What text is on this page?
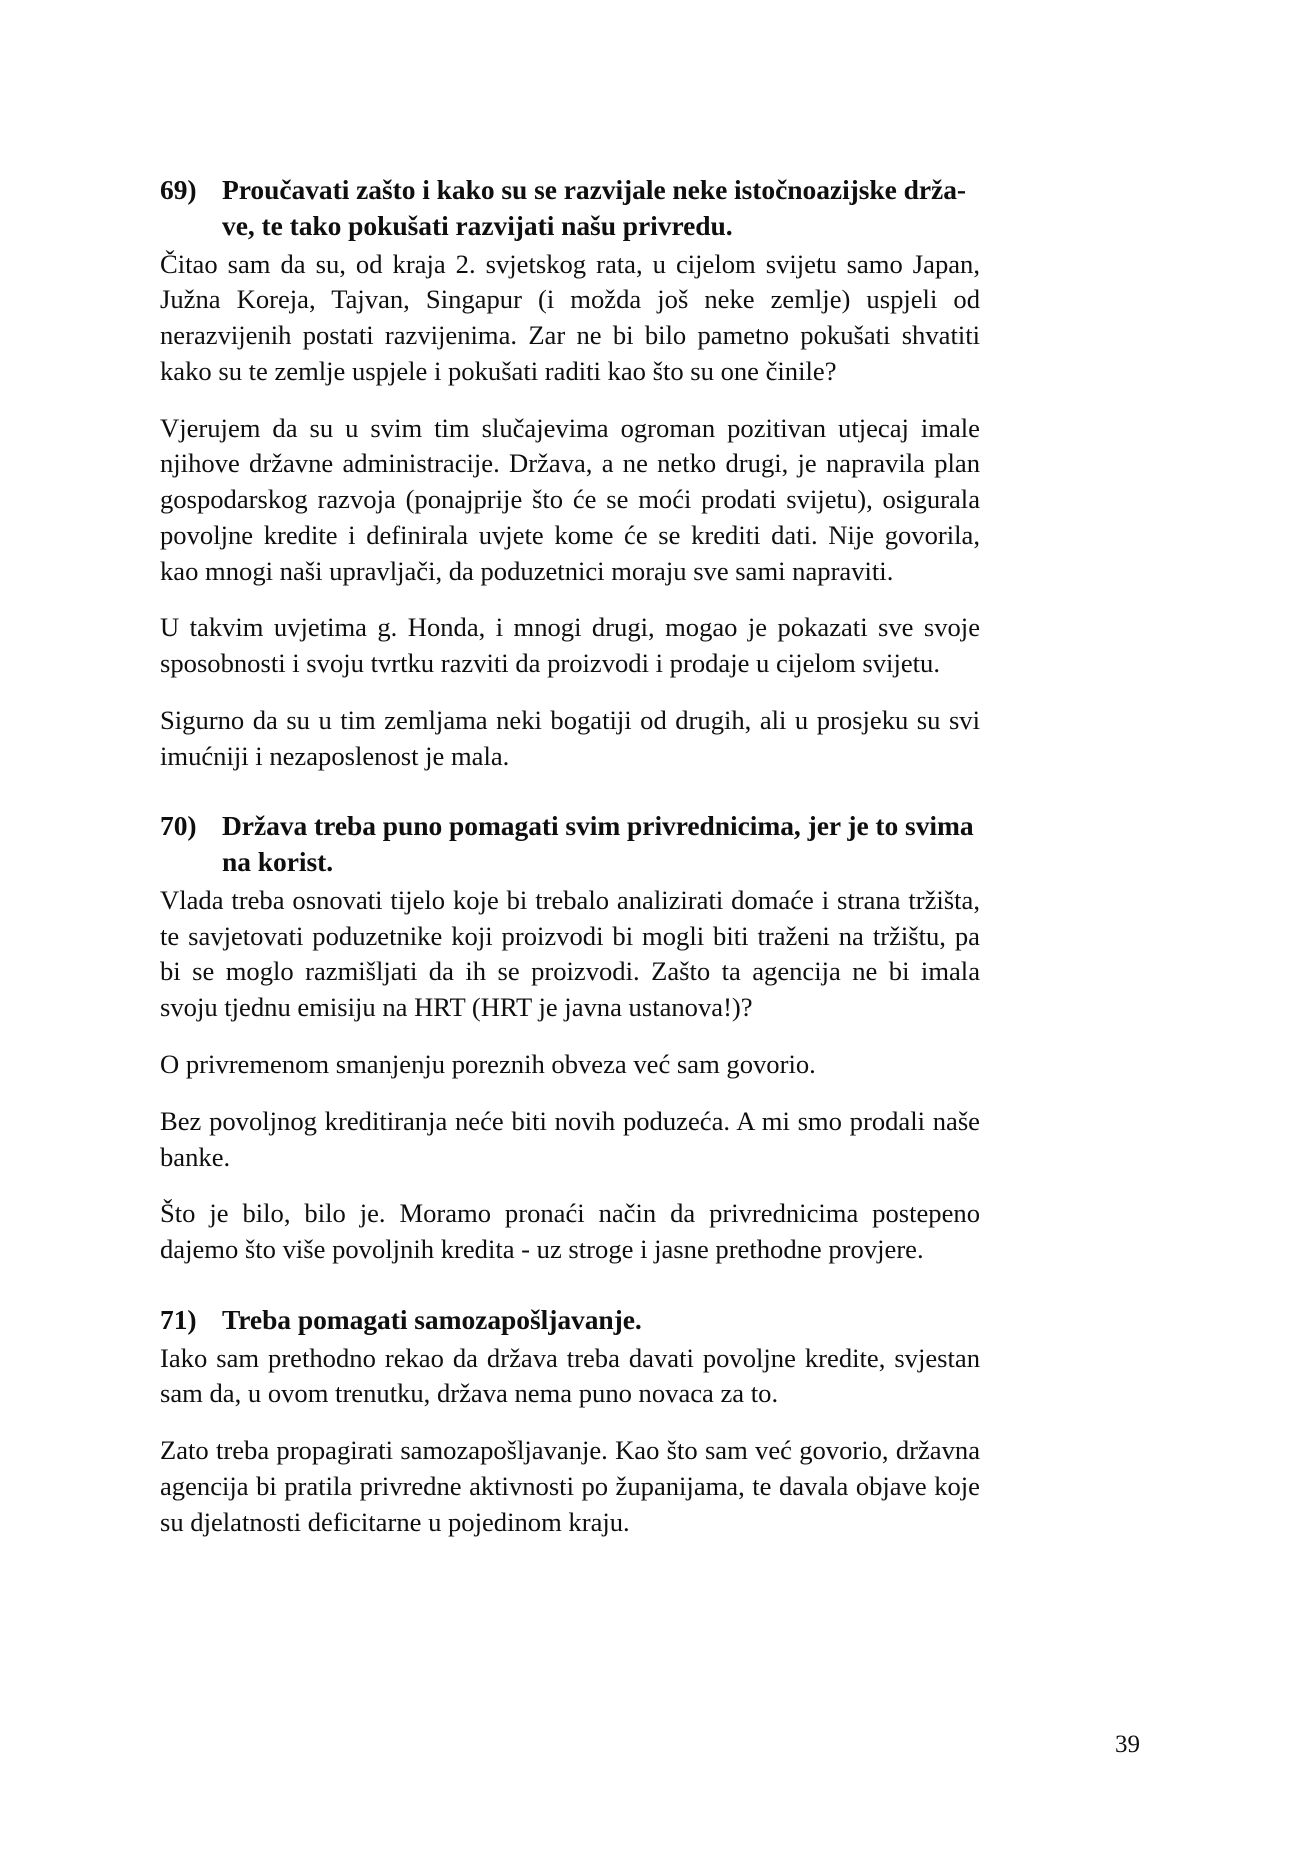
69) Proučavati zašto i kako su se razvijale neke istočnoazijske države, te tako pokušati razvijati našu privredu.

Čitao sam da su, od kraja 2. svjetskog rata, u cijelom svijetu samo Japan, Južna Koreja, Tajvan, Singapur (i možda još neke zemlje) uspjeli od nerazvijenih postati razvijenima. Zar ne bi bilo pametno pokušati shvatiti kako su te zemlje uspjele i pokušati raditi kao što su one činile?

Vjerujem da su u svim tim slučajevima ogroman pozitivan utjecaj imale njihove državne administracije. Država, a ne netko drugi, je napravila plan gospodarskog razvoja (ponajprije što će se moći prodati svijetu), osigurala povoljne kredite i definirala uvjete kome će se krediti dati. Nije govorila, kao mnogi naši upravljači, da poduzetnici moraju sve sami napraviti.

U takvim uvjetima g. Honda, i mnogi drugi, mogao je pokazati sve svoje sposobnosti i svoju tvrtku razviti da proizvodi i prodaje u cijelom svijetu.

Sigurno da su u tim zemljama neki bogatiji od drugih, ali u prosjeku su svi imućniji i nezaposlenost je mala.

70) Država treba puno pomagati svim privrednicima, jer je to svima na korist.

Vlada treba osnovati tijelo koje bi trebalo analizirati domaće i strana tržišta, te savjetovati poduzetnike koji proizvodi bi mogli biti traženi na tržištu, pa bi se moglo razmišljati da ih se proizvodi. Zašto ta agencija ne bi imala svoju tjednu emisiju na HRT (HRT je javna ustanova!)?

O privremenom smanjenju poreznih obveza već sam govorio.

Bez povoljnog kreditiranja neće biti novih poduzeća. A mi smo prodali naše banke.

Što je bilo, bilo je. Moramo pronaći način da privrednicima postepeno dajemo što više povoljnih kredita - uz stroge i jasne prethodne provjere.

71) Treba pomagati samozapošljavanje.

Iako sam prethodno rekao da država treba davati povoljne kredite, svjestan sam da, u ovom trenutku, država nema puno novaca za to.

Zato treba propagirati samozapošljavanje. Kao što sam već govorio, državna agencija bi pratila privredne aktivnosti po županijama, te davala objave koje su djelatnosti deficitarne u pojedinom kraju.

39
